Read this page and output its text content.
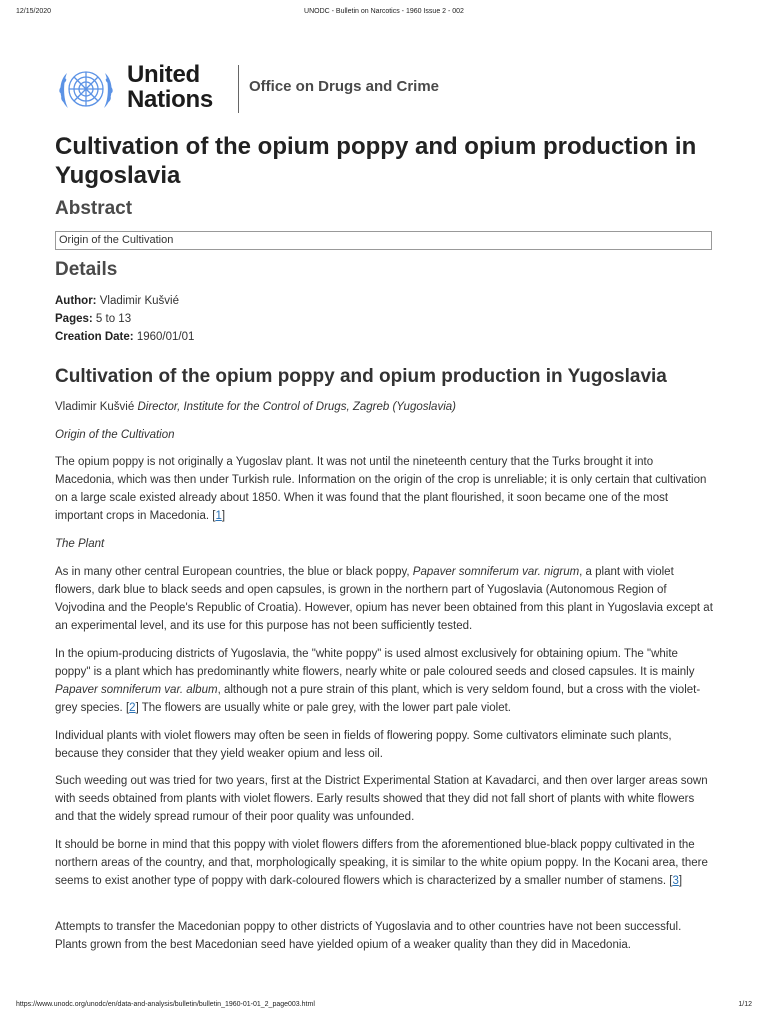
12/15/2020	UNODC - Bulletin on Narcotics - 1960 Issue 2 - 002
United
Nations Office on Drugs and Crime
Cultivation of the opium poppy and opium production in Yugoslavia
Abstract
Origin of the Cultivation
Details
Author: Vladimir Kušvié
Pages: 5 to 13
Creation Date: 1960/01/01
Cultivation of the opium poppy and opium production in Yugoslavia

Vladimir Kušvié Director, Institute for the Control of Drugs, Zagreb (Yugoslavia)

Origin of the Cultivation

The opium poppy is not originally a Yugoslav plant. It was not until the nineteenth century that the Turks brought it into Macedonia, which was then under Turkish rule. Information on the origin of the crop is unreliable; it is only certain that cultivation on a large scale existed already about 1850. When it was found that the plant flourished, it soon became one of the most important crops in Macedonia. [1]

The Plant

As in many other central European countries, the blue or black poppy, Papaver somniferum var. nigrum, a plant with violet flowers, dark blue to black seeds and open capsules, is grown in the northern part of Yugoslavia (Autonomous Region of Vojvodina and the People's Republic of Croatia). However, opium has never been obtained from this plant in Yugoslavia except at an experimental level, and its use for this purpose has not been sufficiently tested.

In the opium-producing districts of Yugoslavia, the "white poppy" is used almost exclusively for obtaining opium. The "white poppy" is a plant which has predominantly white flowers, nearly white or pale coloured seeds and closed capsules. It is mainly Papaver somniferum var. album, although not a pure strain of this plant, which is very seldom found, but a cross with the violet-grey species. [2] The flowers are usually white or pale grey, with the lower part pale violet.

Individual plants with violet flowers may often be seen in fields of flowering poppy. Some cultivators eliminate such plants, because they consider that they yield weaker opium and less oil.

Such weeding out was tried for two years, first at the District Experimental Station at Kavadarci, and then over larger areas sown with seeds obtained from plants with violet flowers. Early results showed that they did not fall short of plants with white flowers and that the widely spread rumour of their poor quality was unfounded.

It should be borne in mind that this poppy with violet flowers differs from the aforementioned blue-black poppy cultivated in the northern areas of the country, and that, morphologically speaking, it is similar to the white opium poppy. In the Kocani area, there seems to exist another type of poppy with dark-coloured flowers which is characterized by a smaller number of stamens. [3]

Attempts to transfer the Macedonian poppy to other districts of Yugoslavia and to other countries have not been successful. Plants grown from the best Macedonian seed have yielded opium of a weaker quality than they did in Macedonia.

https://www.unodc.org/unodc/en/data-and-analysis/bulletin/bulletin_1960-01-01_2_page003.html	1/12
